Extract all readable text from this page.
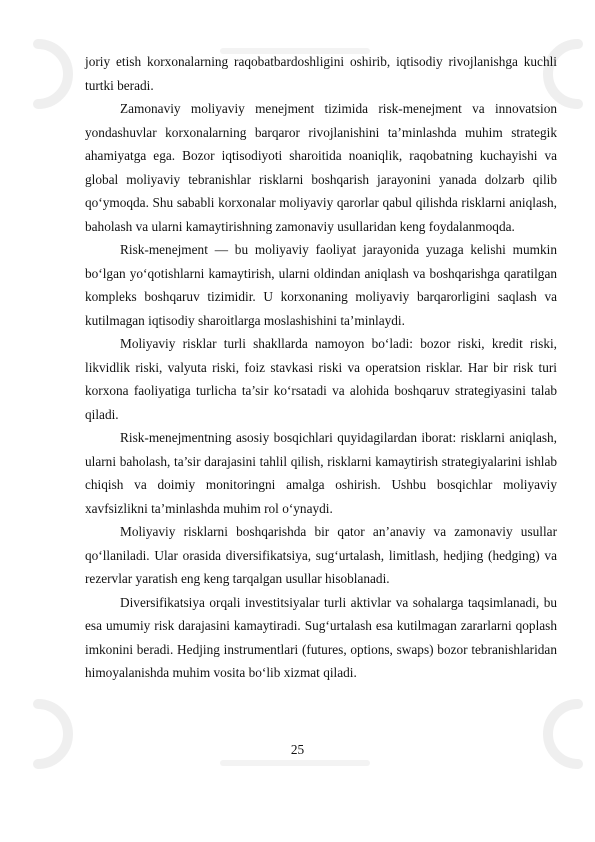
joriy etish korxonalarning raqobatbardoshligini oshirib, iqtisodiy rivojlanishga kuchli turtki beradi.

Zamonaviy moliyaviy menejment tizimida risk-menejment va innovatsion yondashuvlar korxonalarning barqaror rivojlanishini ta’minlashda muhim strategik ahamiyatga ega. Bozor iqtisodiyoti sharoitida noaniqlik, raqobatning kuchayishi va global moliyaviy tebranishlar risklarni boshqarish jarayonini yanada dolzarb qilib qo‘ymoqda. Shu sababli korxonalar moliyaviy qarorlar qabul qilishda risklarni aniqlash, baholash va ularni kamaytirishning zamonaviy usullaridan keng foydalanmoqda.

Risk-menejment — bu moliyaviy faoliyat jarayonida yuzaga kelishi mumkin bo‘lgan yo‘qotishlarni kamaytirish, ularni oldindan aniqlash va boshqarishga qaratilgan kompleks boshqaruv tizimidir. U korxonaning moliyaviy barqarorligini saqlash va kutilmagan iqtisodiy sharoitlarga moslashishini ta’minlaydi.

Moliyaviy risklar turli shakllarda namoyon bo‘ladi: bozor riski, kredit riski, likvidlik riski, valyuta riski, foiz stavkasi riski va operatsion risklar. Har bir risk turi korxona faoliyatiga turlicha ta’sir ko‘rsatadi va alohida boshqaruv strategiyasini talab qiladi.

Risk-menejmentning asosiy bosqichlari quyidagilardan iborat: risklarni aniqlash, ularni baholash, ta’sir darajasini tahlil qilish, risklarni kamaytirish strategiyalarini ishlab chiqish va doimiy monitoringni amalga oshirish. Ushbu bosqichlar moliyaviy xavfsizlikni ta’minlashda muhim rol o‘ynaydi.

Moliyaviy risklarni boshqarishda bir qator an’anaviy va zamonaviy usullar qo‘llaniladi. Ular orasida diversifikatsiya, sug‘urtalash, limitlash, hedjing (hedging) va rezervlar yaratish eng keng tarqalgan usullar hisoblanadi.

Diversifikatsiya orqali investitsiyalar turli aktivlar va sohalarga taqsimlanadi, bu esa umumiy risk darajasini kamaytiradi. Sug‘urtalash esa kutilmagan zararlarni qoplash imkonini beradi. Hedjing instrumentlari (futures, options, swaps) bozor tebranishlaridan himoyalanishda muhim vosita bo‘lib xizmat qiladi.

25
